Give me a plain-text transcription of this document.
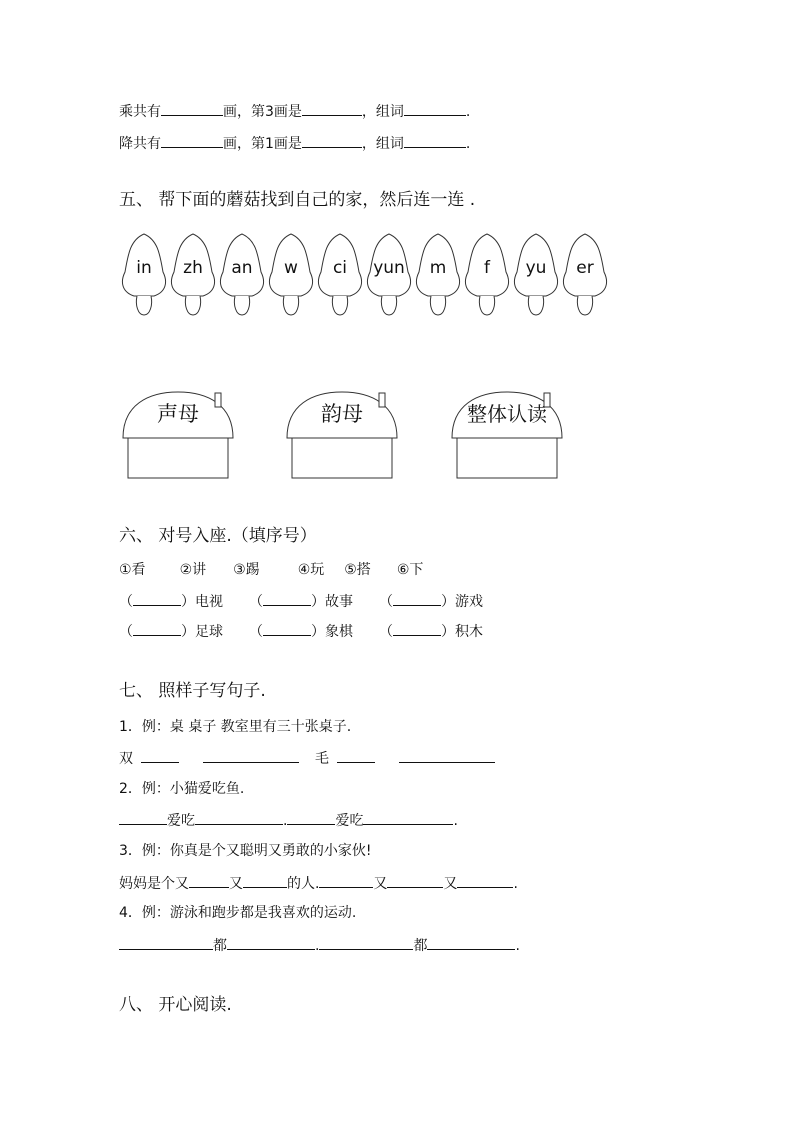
乘共有	画，第3画是	，组词	.
降共有	画，第1画是	，组词	.
五、 帮下面的蘑菇找到自己的家，然后连一连 .
in zh an w ci yun m f yu er
声母	韵母	整体认读
六、 对号入座.（填序号）
①看 ②讲 ③踢	④玩 ⑤搭 ⑥下
（	）电视 （	）故事 （	）游戏
（	）足球 （	）象棋 （	）积木
七、 照样子写句子.
1．例：桌 桌子 教室里有三十张桌子.
双	毛
2．例：小猫爱吃鱼.
爱吃	.	爱吃	.
3．例：你真是个又聪明又勇敢的小家伙!
妈妈是个又	又	的人.	又	又	.
4．例：游泳和跑步都是我喜欢的运动.
都	.	都	.
八、 开心阅读.
